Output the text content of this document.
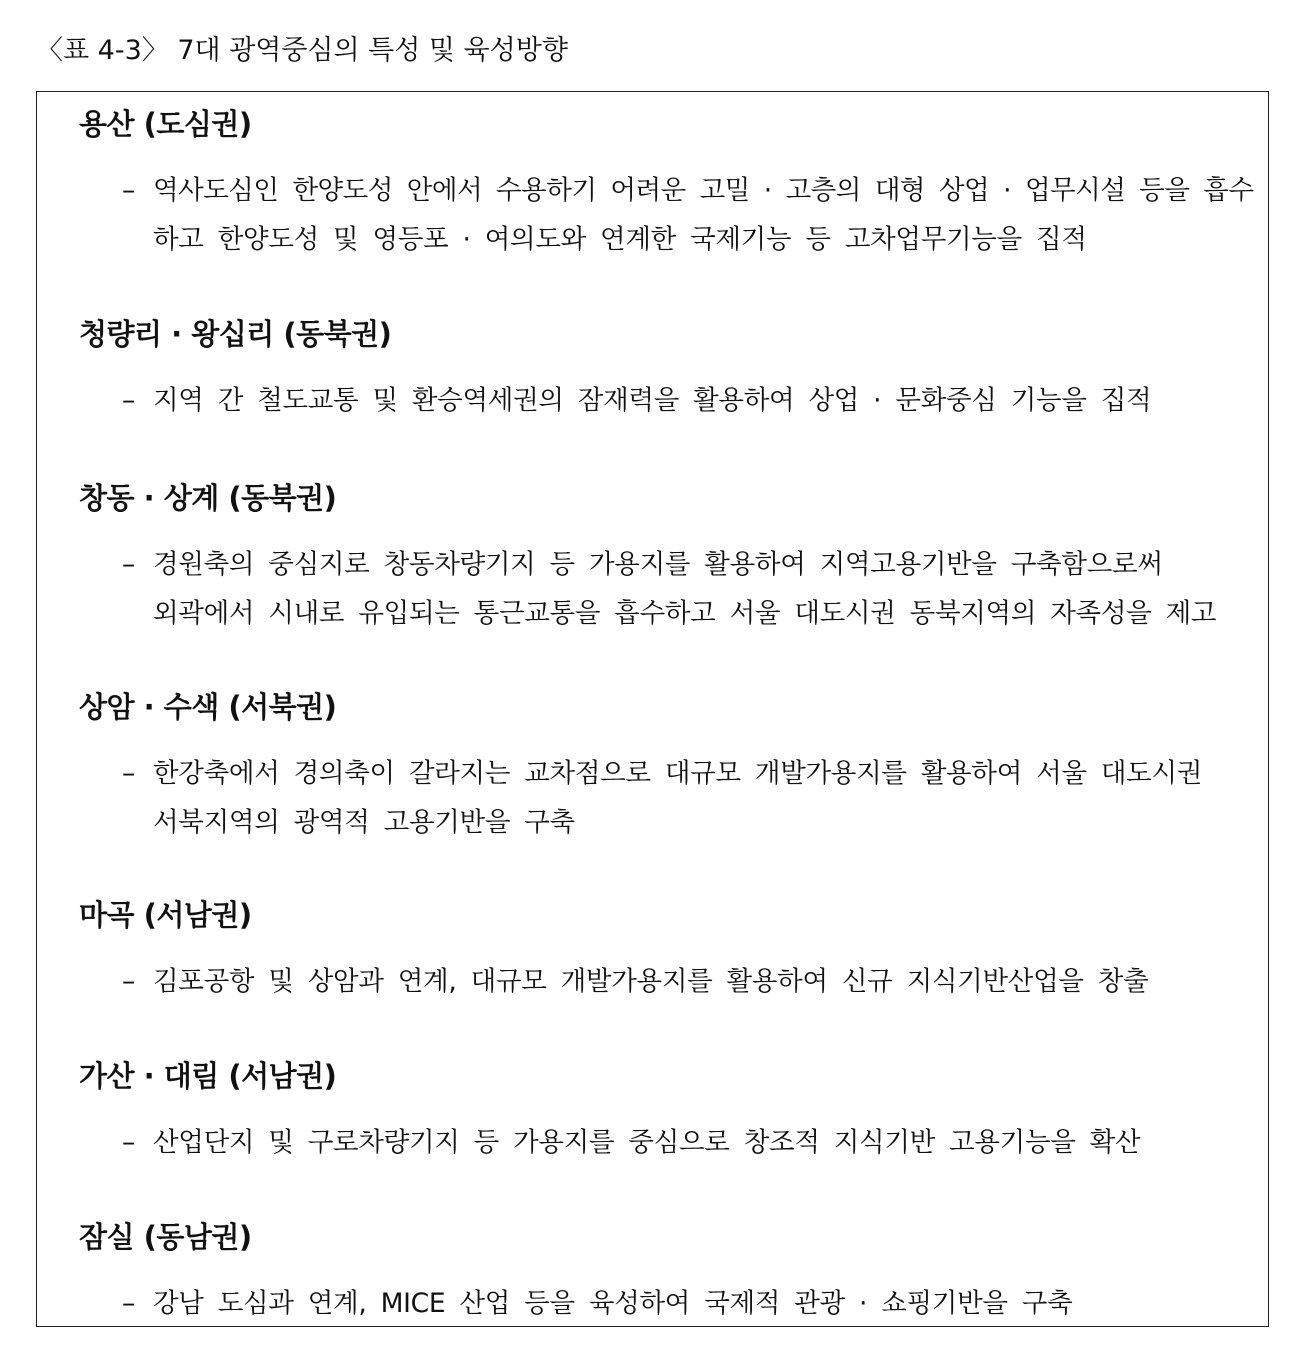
〈표 4-3〉 7대 광역중심의 특성 및 육성방향
용산 (도심권)
– 역사도심인 한양도성 안에서 수용하기 어려운 고밀 · 고층의 대형 상업 · 업무시설 등을 흡수
하고 한양도성 및 영등포 · 여의도와 연계한 국제기능 등 고차업무기능을 집적
청량리 · 왕십리 (동북권)
– 지역 간 철도교통 및 환승역세권의 잠재력을 활용하여 상업 · 문화중심 기능을 집적
창동 · 상계 (동북권)
– 경원축의 중심지로 창동차량기지 등 가용지를 활용하여 지역고용기반을 구축함으로써
외곽에서 시내로 유입되는 통근교통을 흡수하고 서울 대도시권 동북지역의 자족성을 제고
상암 · 수색 (서북권)
– 한강축에서 경의축이 갈라지는 교차점으로 대규모 개발가용지를 활용하여 서울 대도시권
서북지역의 광역적 고용기반을 구축
마곡 (서남권)
– 김포공항 및 상암과 연계, 대규모 개발가용지를 활용하여 신규 지식기반산업을 창출
가산 · 대림 (서남권)
– 산업단지 및 구로차량기지 등 가용지를 중심으로 창조적 지식기반 고용기능을 확산
잠실 (동남권)
– 강남 도심과 연계, MICE 산업 등을 육성하여 국제적 관광 · 쇼핑기반을 구축
